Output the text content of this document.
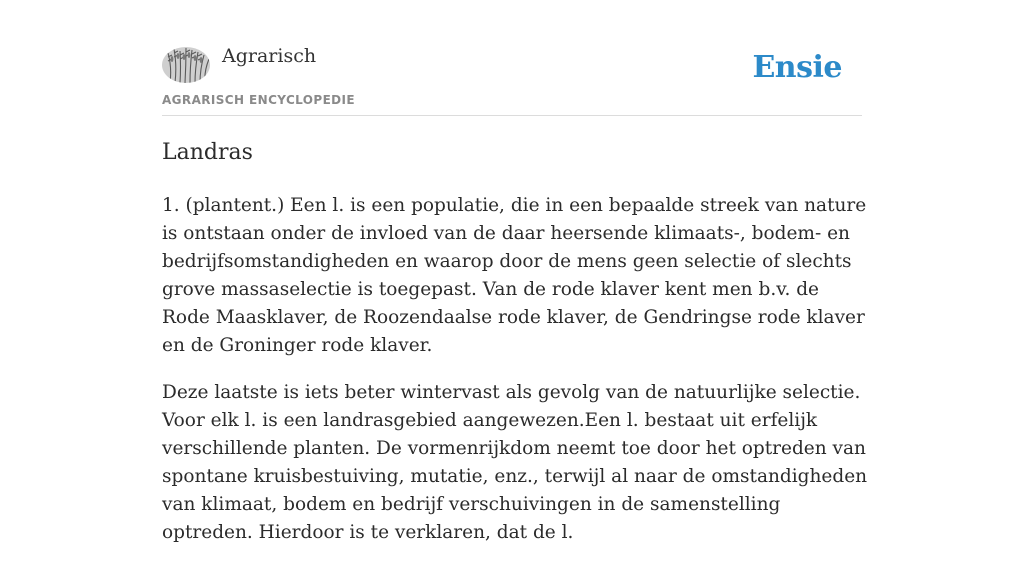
Agrarisch
AGRARISCH ENCYCLOPEDIE
Ensie
Landras

1. (plantent.) Een l. is een populatie, die in een bepaalde streek van nature is ontstaan onder de invloed van de daar heersende klimaats-, bodem- en bedrijfsomstandigheden en waarop door de mens geen selectie of slechts grove massaselectie is toegepast. Van de rode klaver kent men b.v. de Rode Maasklaver, de Roozendaalse rode klaver, de Gendringse rode klaver en de Groninger rode klaver.

Deze laatste is iets beter wintervast als gevolg van de natuurlijke selectie. Voor elk l. is een landrasgebied aangewezen.Een l. bestaat uit erfelijk verschillende planten. De vormenrijkdom neemt toe door het optreden van spontane kruisbestuiving, mutatie, enz., terwijl al naar de omstandigheden van klimaat, bodem en bedrijf verschuivingen in de samenstelling optreden. Hierdoor is te verklaren, dat de l.
